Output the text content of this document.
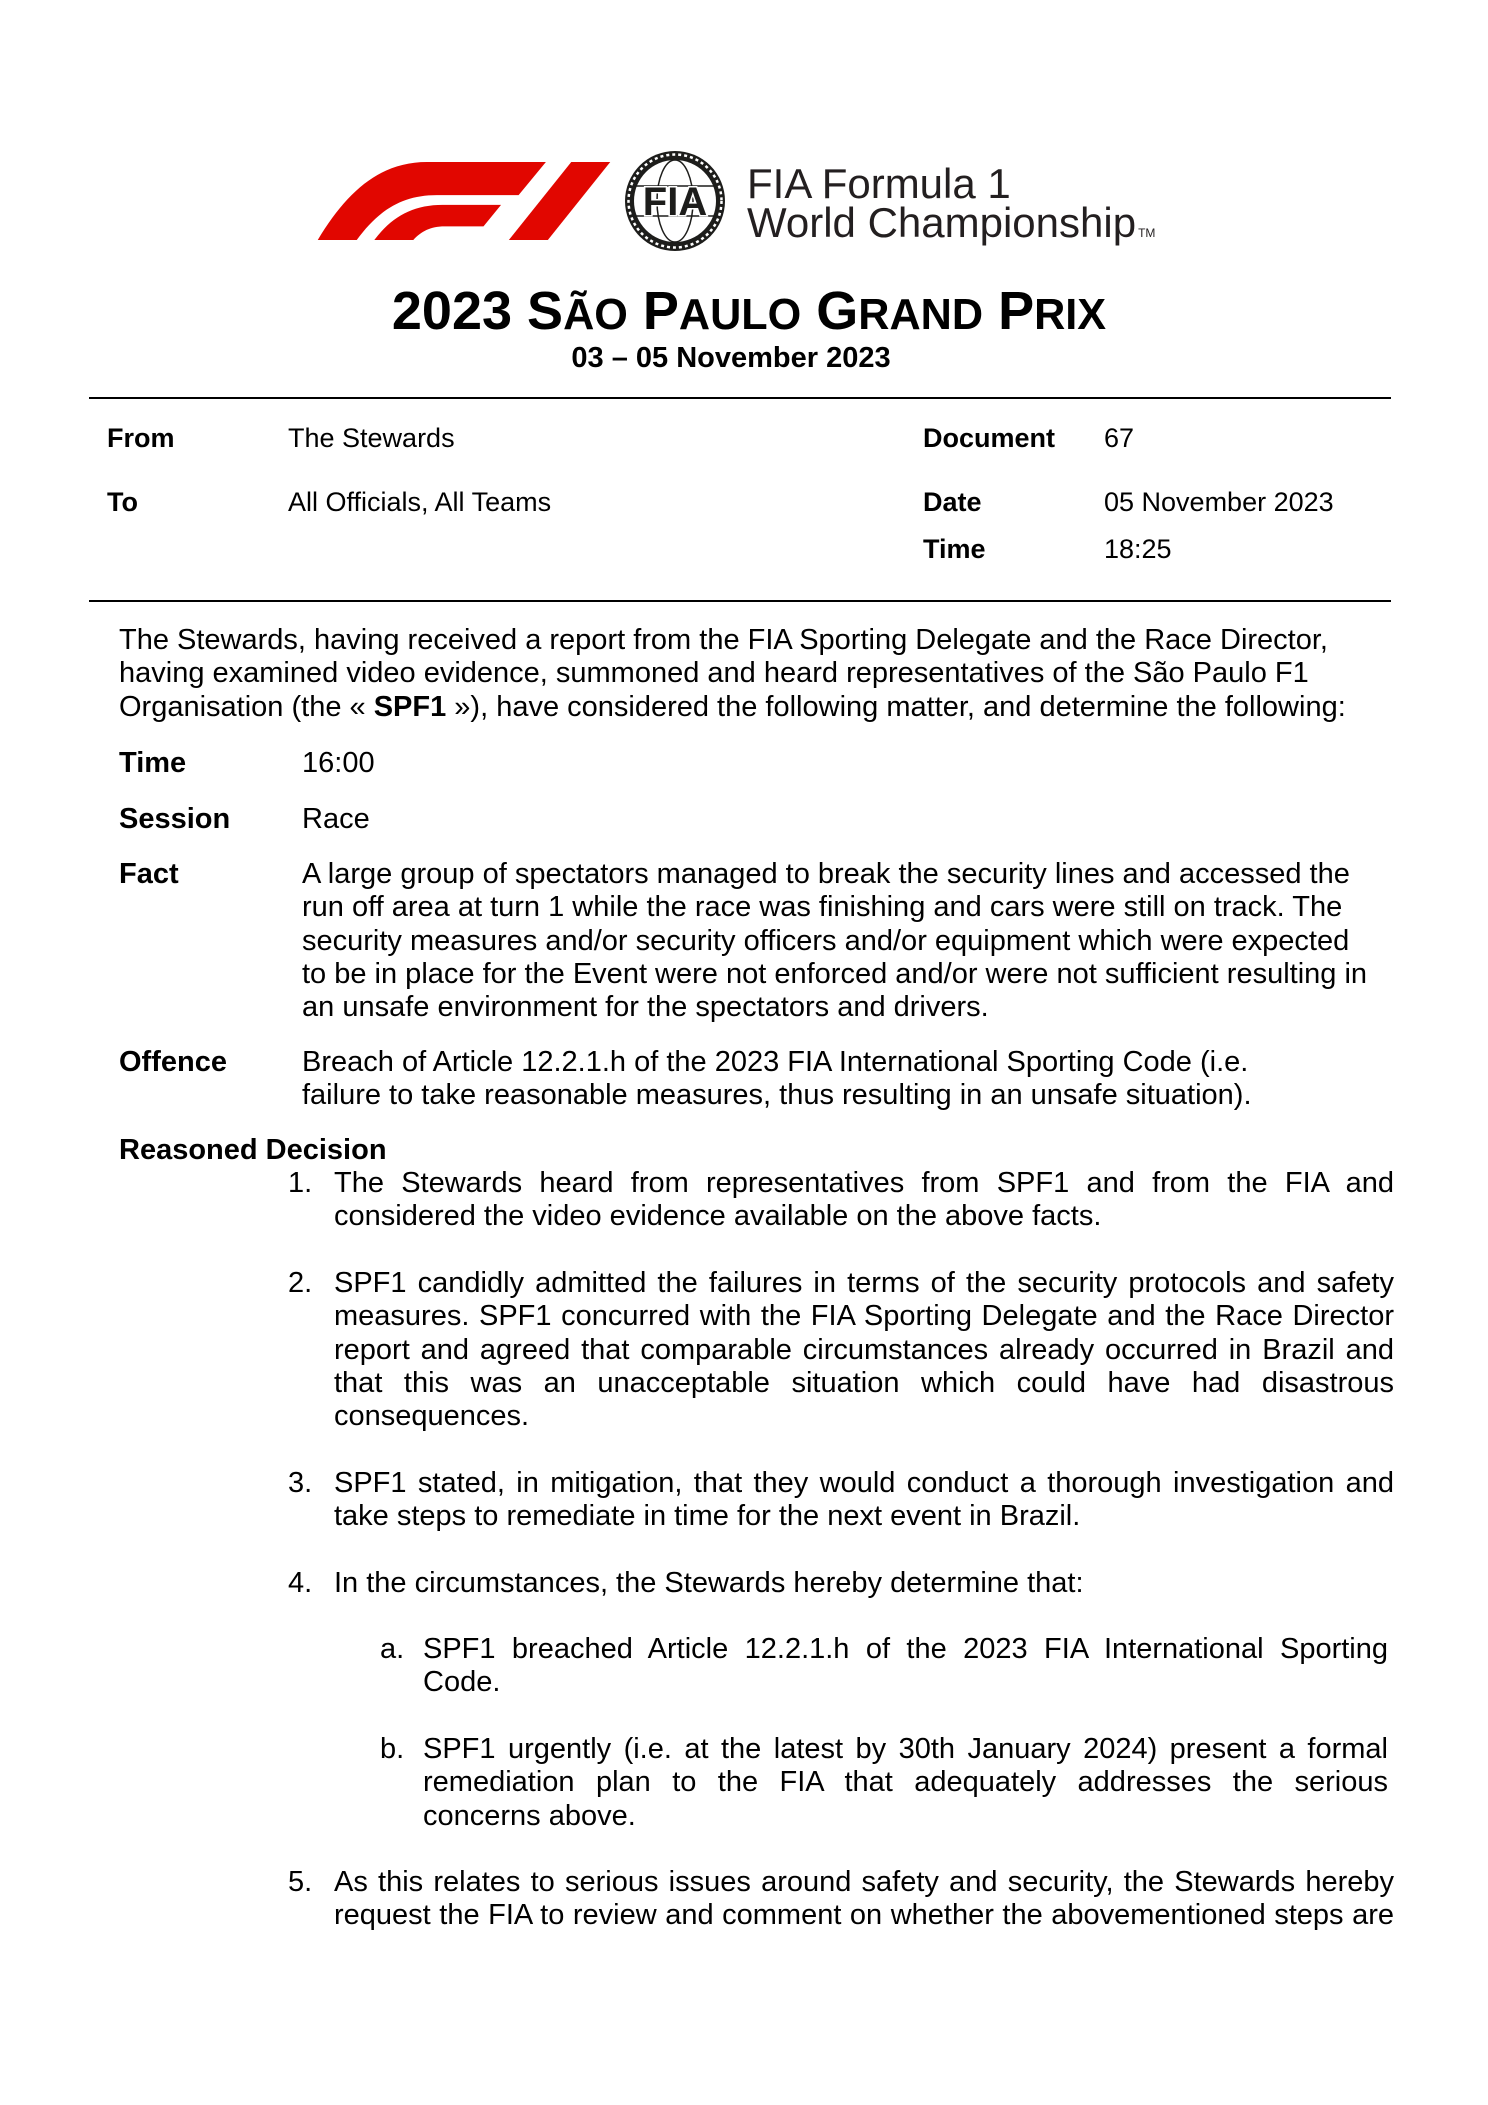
FIA FIA Formula 1
World Championship TM
2023 SÃO PAULO GRAND PRIX
03 – 05 November 2023
From	The Stewards	Document 67
To	All Officials, All Teams	Date	05 November 2023
Time	18:25
The Stewards, having received a report from the FIA Sporting Delegate and the Race Director, having examined video evidence, summoned and heard representatives of the São Paulo F1 Organisation (the « SPF1 »), have considered the following matter, and determine the following:
Time	16:00
Session Race
Fact	A large group of spectators managed to break the security lines and accessed the run off area at turn 1 while the race was finishing and cars were still on track. The security measures and/or security officers and/or equipment which were expected to be in place for the Event were not enforced and/or were not sufficient resulting in an unsafe environment for the spectators and drivers.
Offence	Breach of Article 12.2.1.h of the 2023 FIA International Sporting Code (i.e. failure to take reasonable measures, thus resulting in an unsafe situation).
Reasoned Decision
1. The Stewards heard from representatives from SPF1 and from the FIA and considered the video evidence available on the above facts.
2. SPF1 candidly admitted the failures in terms of the security protocols and safety measures. SPF1 concurred with the FIA Sporting Delegate and the Race Director report and agreed that comparable circumstances already occurred in Brazil and that this was an unacceptable situation which could have had disastrous consequences.
3. SPF1 stated, in mitigation, that they would conduct a thorough investigation and take steps to remediate in time for the next event in Brazil.
4. In the circumstances, the Stewards hereby determine that:
a. SPF1 breached Article 12.2.1.h of the 2023 FIA International Sporting Code.
b. SPF1 urgently (i.e. at the latest by 30th January 2024) present a formal remediation plan to the FIA that adequately addresses the serious concerns above.
5. As this relates to serious issues around safety and security, the Stewards hereby request the FIA to review and comment on whether the abovementioned steps are
